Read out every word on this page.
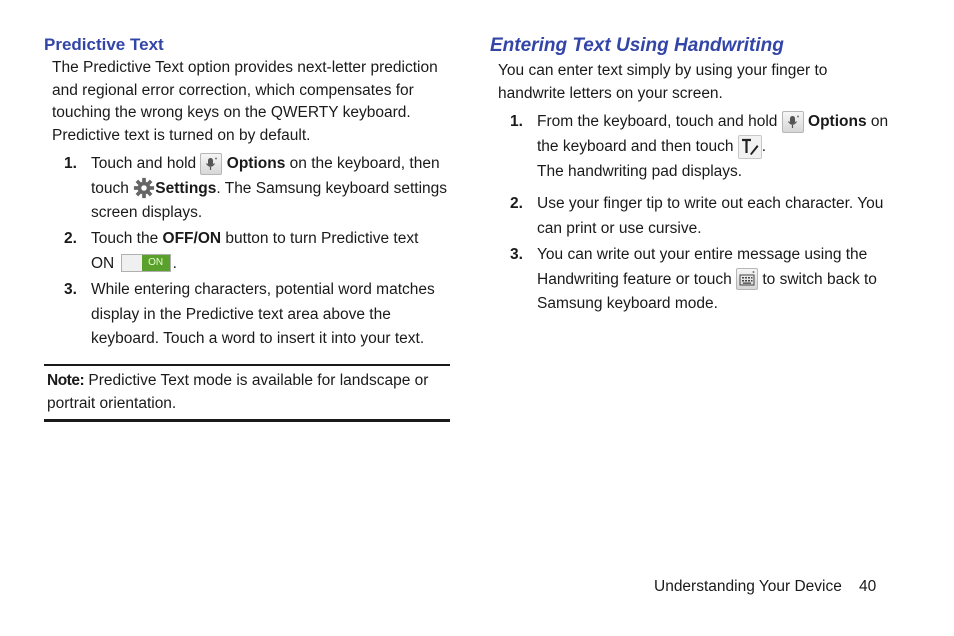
Predictive Text
The Predictive Text option provides next-letter prediction and regional error correction, which compensates for touching the wrong keys on the QWERTY keyboard. Predictive text is turned on by default.
1. Touch and hold Options on the keyboard, then touch Settings. The Samsung keyboard settings screen displays.
2. Touch the OFF/ON button to turn Predictive text ON	ON .
3. While entering characters, potential word matches display in the Predictive text area above the keyboard. Touch a word to insert it into your text.
Note: Predictive Text mode is available for landscape or portrait orientation.
Entering Text Using Handwriting
You can enter text simply by using your finger to handwrite letters on your screen.
1. From the keyboard, touch and hold Options on the keyboard and then touch .
The handwriting pad displays.
2. Use your finger tip to write out each character. You can print or use cursive.
3. You can write out your entire message using the Handwriting feature or touch to switch back to Samsung keyboard mode.
Understanding Your Device 40
